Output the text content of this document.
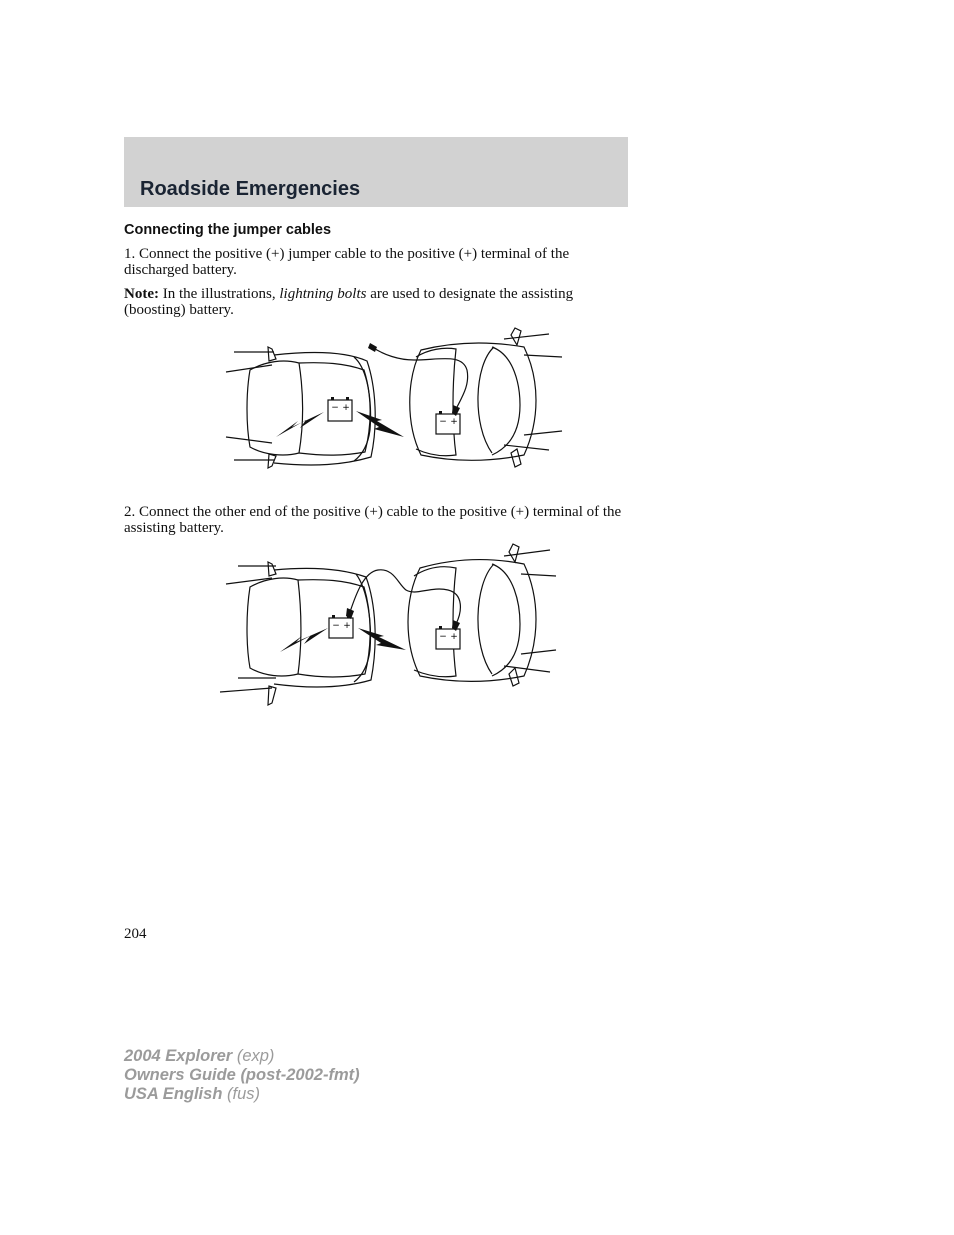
Roadside Emergencies
Connecting the jumper cables

1. Connect the positive (+) jumper cable to the positive (+) terminal of the discharged battery.

Note: In the illustrations, lightning bolts are used to designate the assisting (boosting) battery.

− +
− +

2. Connect the other end of the positive (+) cable to the positive (+) terminal of the assisting battery.

− +
− +

204

2004 Explorer (exp)
Owners Guide (post-2002-fmt)
USA English (fus)
